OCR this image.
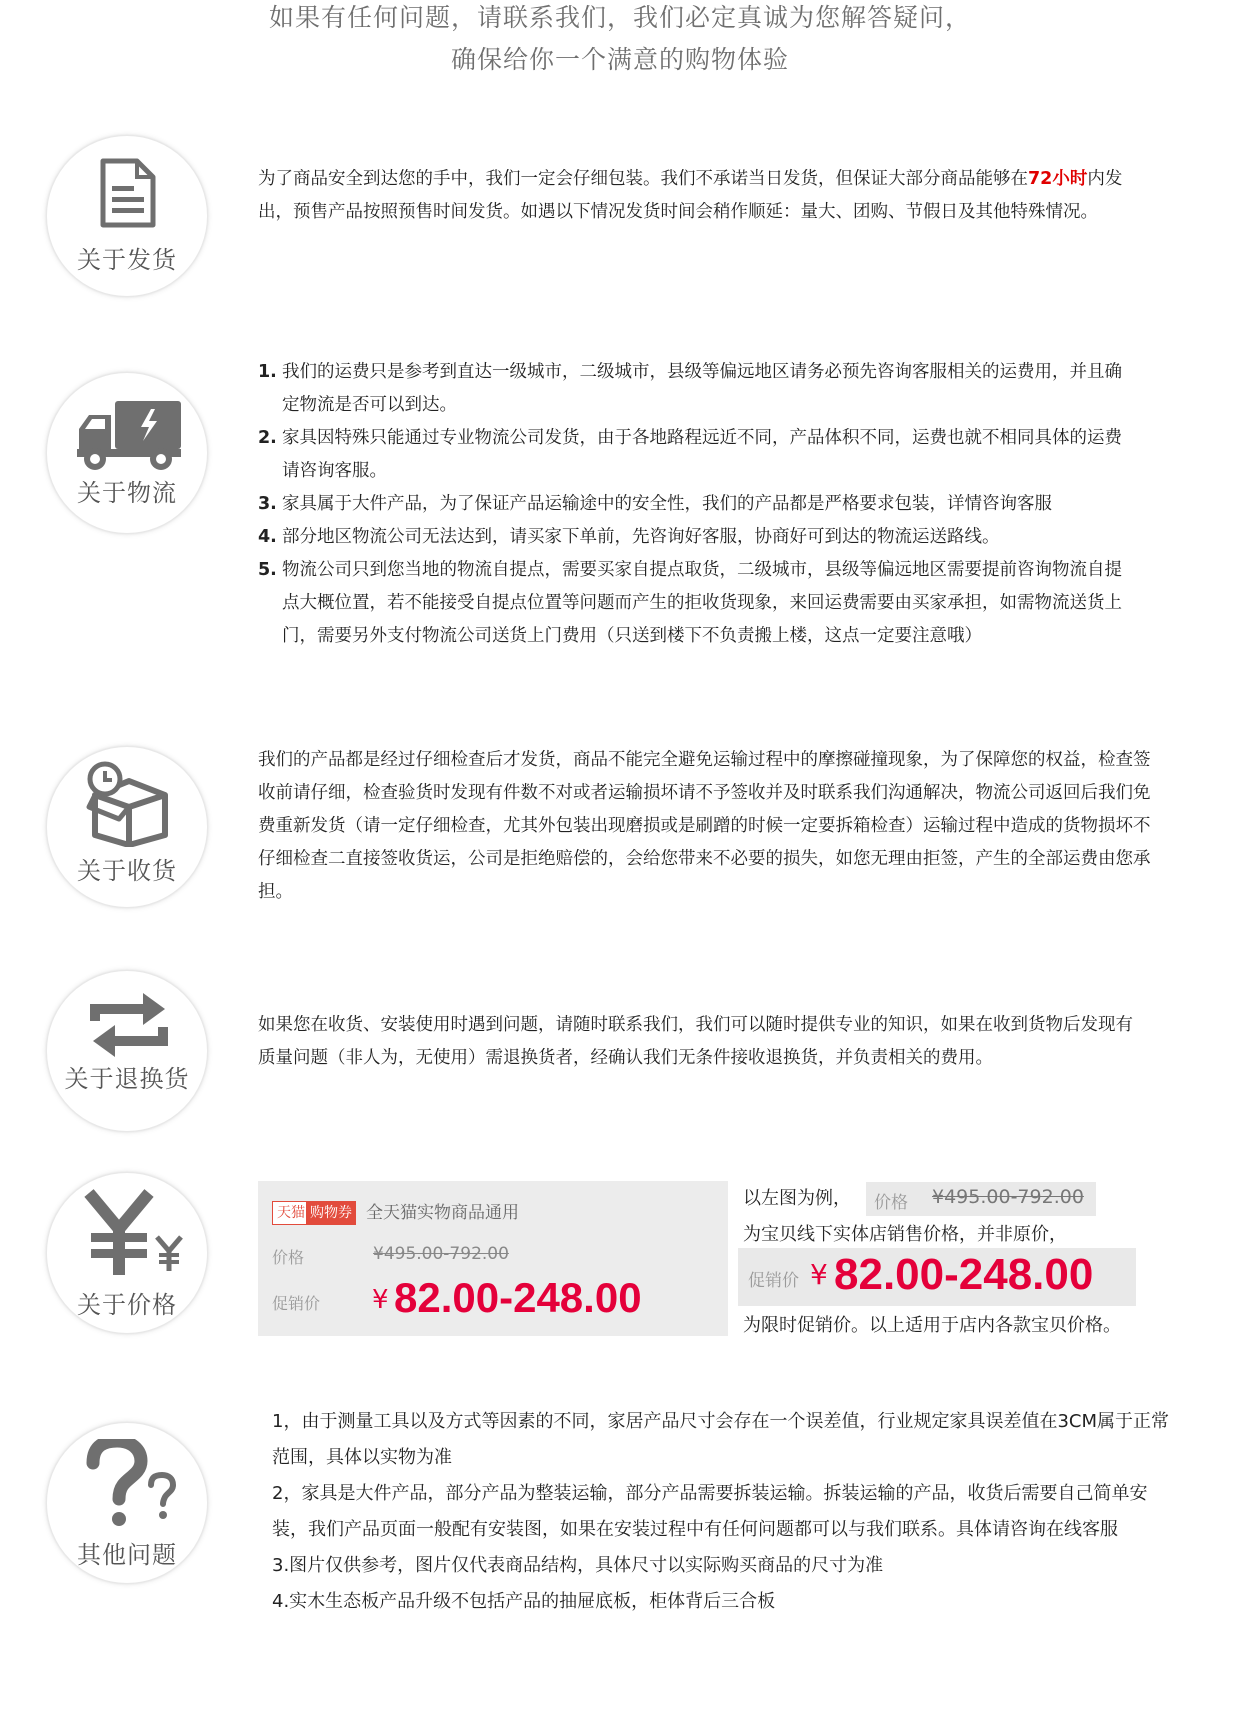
如果有任何问题，请联系我们，我们必定真诚为您解答疑问，
确保给你一个满意的购物体验
关于发货
为了商品安全到达您的手中，我们一定会仔细包装。我们不承诺当日发货，但保证大部分商品能够在72小时内发出，预售产品按照预售时间发货。如遇以下情况发货时间会稍作顺延：量大、团购、节假日及其他特殊情况。
关于物流
1. 我们的运费只是参考到直达一级城市，二级城市，县级等偏远地区请务必预先咨询客服相关的运费用，并且确定物流是否可以到达。
2. 家具因特殊只能通过专业物流公司发货，由于各地路程远近不同，产品体积不同，运费也就不相同具体的运费请咨询客服。
3. 家具属于大件产品，为了保证产品运输途中的安全性，我们的产品都是严格要求包装，详情咨询客服
4. 部分地区物流公司无法达到，请买家下单前，先咨询好客服，协商好可到达的物流运送路线。
5. 物流公司只到您当地的物流自提点，需要买家自提点取货，二级城市，县级等偏远地区需要提前咨询物流自提点大概位置，若不能接受自提点位置等问题而产生的拒收货现象，来回运费需要由买家承担，如需物流送货上门，需要另外支付物流公司送货上门费用（只送到楼下不负责搬上楼，这点一定要注意哦）
关于收货
我们的产品都是经过仔细检查后才发货，商品不能完全避免运输过程中的摩擦碰撞现象，为了保障您的权益，检查签收前请仔细，检查验货时发现有件数不对或者运输损坏请不予签收并及时联系我们沟通解决，物流公司返回后我们免费重新发货（请一定仔细检查，尤其外包装出现磨损或是刷蹭的时候一定要拆箱检查）运输过程中造成的货物损坏不仔细检查二直接签收货运，公司是拒绝赔偿的，会给您带来不必要的损失，如您无理由拒签，产生的全部运费由您承担。
关于退换货
如果您在收货、安装使用时遇到问题，请随时联系我们，我们可以随时提供专业的知识，如果在收到货物后发现有质量问题（非人为，无使用）需退换货者，经确认我们无条件接收退换货，并负责相关的费用。
关于价格
天猫 购物券 全天猫实物商品通用
价格	¥495.00-792.00
促销价 ¥ 82.00-248.00
以左图为例， 价格 ¥495.00-792.00
为宝贝线下实体店销售价格，并非原价，
促销价 ¥ 82.00-248.00
为限时促销价。以上适用于店内各款宝贝价格。
其他问题
1，由于测量工具以及方式等因素的不同，家居产品尺寸会存在一个误差值，行业规定家具误差值在3CM属于正常范围，具体以实物为准
2，家具是大件产品，部分产品为整装运输，部分产品需要拆装运输。拆装运输的产品，收货后需要自己简单安装，我们产品页面一般配有安装图，如果在安装过程中有任何问题都可以与我们联系。具体请咨询在线客服
3.图片仅供参考，图片仅代表商品结构，具体尺寸以实际购买商品的尺寸为准
4.实木生态板产品升级不包括产品的抽屉底板，柜体背后三合板
